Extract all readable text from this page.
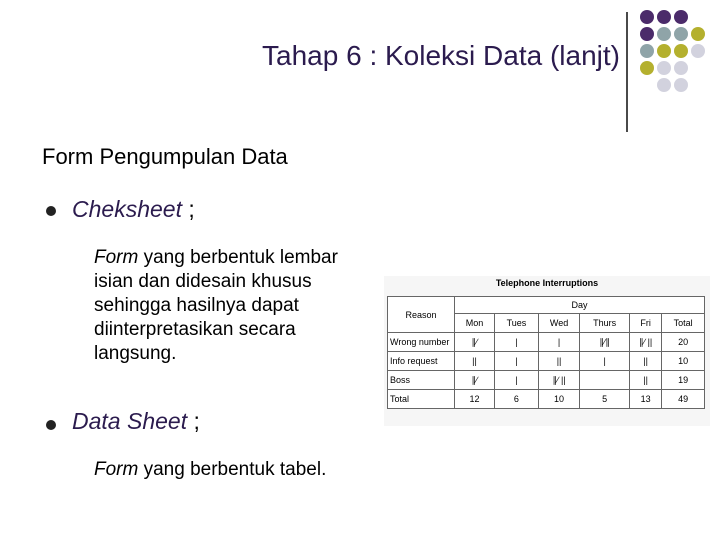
Tahap 6 : Koleksi Data (lanjt)
Form Pengumpulan Data
Cheksheet ;
Form yang berbentuk lembar
isian dan didesain khusus
sehingga hasilnya dapat
diinterpretasikan secara
langsung.
Data Sheet ;
Form yang berbentuk tabel.
Telephone Interruptions
Reason	Day					
	Mon	Tues	Wed	Thurs	Fri	Total
Wrong number	∥∕	|	|	∥∕∥	∥∕ ||	20
Info request	||	|	||	|	||	10
Boss	∥∕	|	∥∕ ||		||	19
Total	12	6	10	5	13	49
